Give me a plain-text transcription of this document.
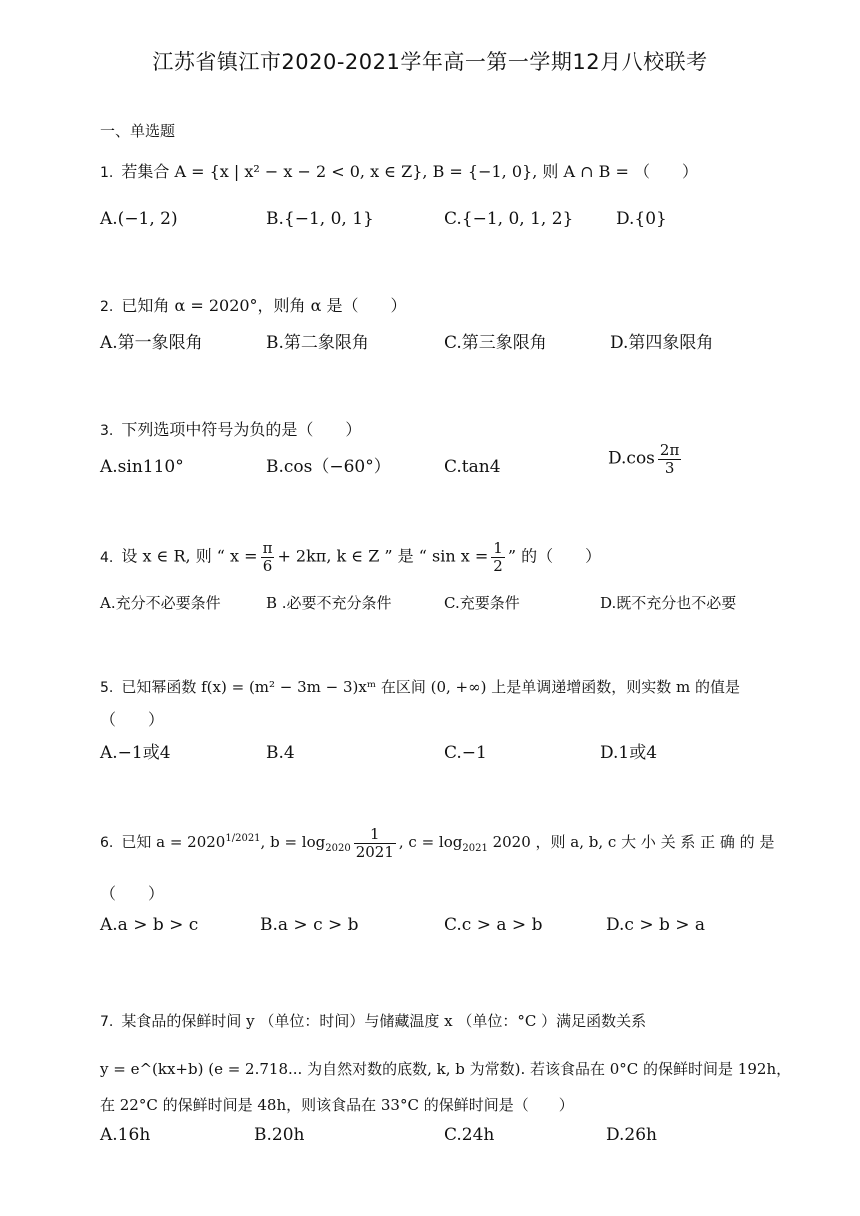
江苏省镇江市2020-2021学年高一第一学期12月八校联考
一、单选题
1. 若集合 A = {x | x² − x − 2 < 0, x ∈ Z}, B = {−1, 0}, 则 A ∩ B = （　　）
A.(−1, 2)	B.{−1, 0, 1}	C.{−1, 0, 1, 2}	D.{0}
2. 已知角 α = 2020°，则角 α 是（　　）
A.第一象限角	B.第二象限角	C.第三象限角	D.第四象限角
3. 下列选项中符号为负的是（　　）
A.sin110°	B.cos（−60°）	C.tan4	$D.\cos \frac{2\pi}{3}$
4. 设 x ∈ R, 则 “ $x = \frac{\pi}{6} + 2k\pi$, k ∈ Z ” 是 “ $\sin x = \frac{1}{2}$ ” 的（　　）
A.充分不必要条件	B .必要不充分条件	C.充要条件	D.既不充分也不必要
5. 已知幂函数 f(x) = (m² − 3m − 3)xᵐ 在区间 (0, +∞) 上是单调递增函数，则实数 m 的值是
（　　）
A.−1或4	B.4	C.−1	D.1或4
6. 已知 $a = 2020^{1/2021}$, $b = \log_{2020} \frac{1}{2021}$ , $c = \log_{2021} 2020$ ，则 a, b, c 大 小 关 系 正 确 的 是
（　　）
A.a > b > c	B.a > c > b	C.c > a > b	D.c > b > a
7. 某食品的保鲜时间 y （单位：时间）与储藏温度 x （单位：°C ）满足函数关系
y = e^(kx+b) (e = 2.718... 为自然对数的底数, k, b 为常数). 若该食品在 0°C 的保鲜时间是 192h，
在 22°C 的保鲜时间是 48h，则该食品在 33°C 的保鲜时间是（　　）
A.16h	B.20h	C.24h	D.26h
